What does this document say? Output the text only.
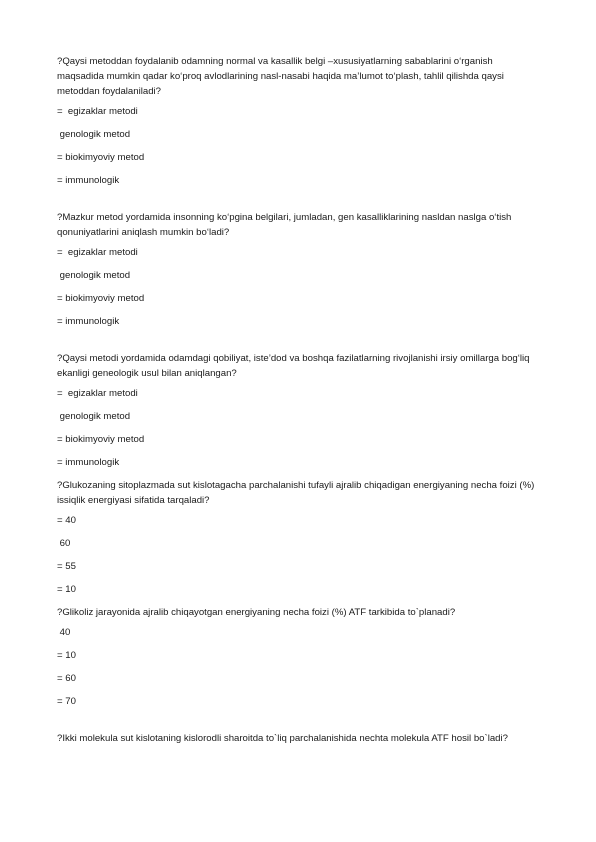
?Qaysi metoddan foydalanib odamning normal va kasallik belgi –xususiyatlarning sabablarini o‘rganish maqsadida mumkin qadar ko‘proq avlodlarining nasl-nasabi haqida ma’lumot to‘plash, tahlil qilishda qaysi metoddan foydalaniladi?

=  egizaklar metodi
genologik metod
= biokimyoviy metod
= immunologik

?Mazkur metod yordamida insonning ko‘pgina belgilari, jumladan, gen kasalliklarining nasldan naslga o‘tish qonuniyatlarini aniqlash mumkin bo‘ladi?

=  egizaklar metodi
genologik metod
= biokimyoviy metod
= immunologik

?Qaysi metodi yordamida odamdagi qobiliyat, iste’dod va boshqa fazilatlarning rivojlanishi irsiy omillarga bog‘liq ekanligi geneologik usul bilan aniqlangan?

=  egizaklar metodi
genologik metod
= biokimyoviy metod
= immunologik

?Glukozaning sitoplazmada sut kislotagacha parchalanishi tufayli ajralib chiqadigan energiyaning necha foizi (%) issiqlik energiyasi sifatida tarqaladi?

= 40
60
= 55
= 10

?Glikoliz jarayonida ajralib chiqayotgan energiyaning necha foizi (%) ATF tarkibida to`planadi?

40
= 10
= 60
= 70

?Ikki molekula sut kislotaning kislorodli sharoitda to`liq parchalanishida nechta molekula ATF hosil bo`ladi?
